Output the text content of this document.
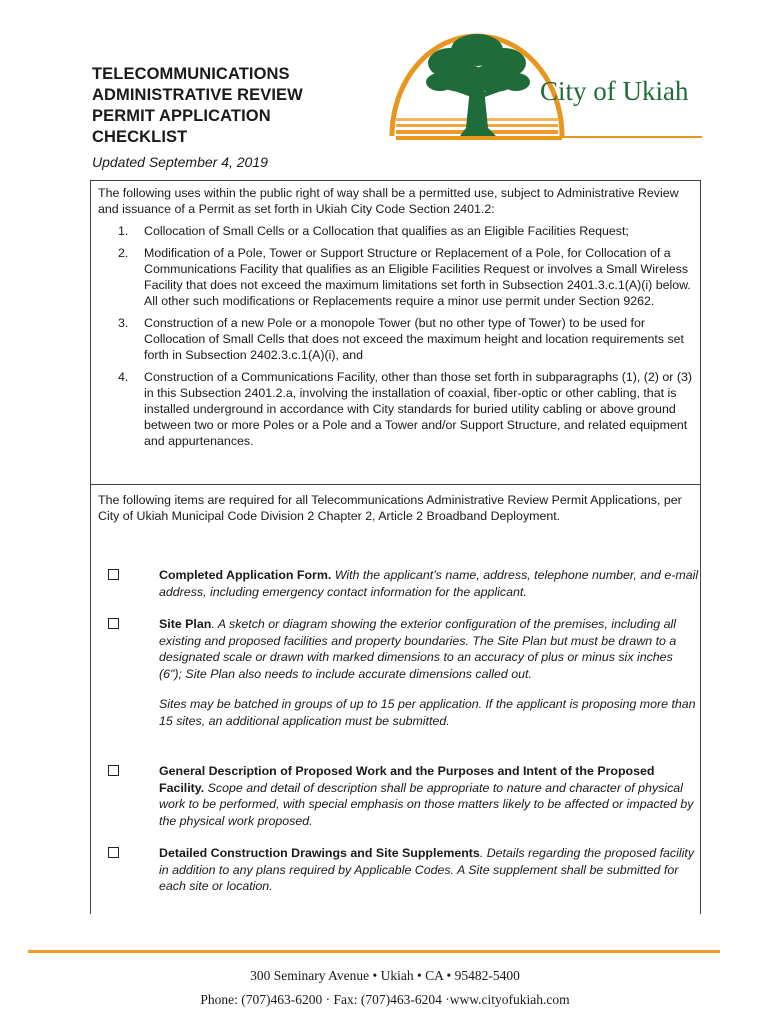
TELECOMMUNICATIONS

ADMINISTRATIVE REVIEW

PERMIT APPLICATION

CHECKLIST

Updated September 4, 2019
City of Ukiah

The following uses within the public right of way shall be a permitted use, subject to Administrative Review and issuance of a Permit as set forth in Ukiah City Code Section 2401.2:

1. Collocation of Small Cells or a Collocation that qualifies as an Eligible Facilities Request;
2. Modification of a Pole, Tower or Support Structure or Replacement of a Pole, for Collocation of a Communications Facility that qualifies as an Eligible Facilities Request or involves a Small Wireless Facility that does not exceed the maximum limitations set forth in Subsection 2401.3.c.1(A)(i) below. All other such modifications or Replacements require a minor use permit under Section 9262.
3. Construction of a new Pole or a monopole Tower (but no other type of Tower) to be used for Collocation of Small Cells that does not exceed the maximum height and location requirements set forth in Subsection 2402.3.c.1(A)(i), and
4. Construction of a Communications Facility, other than those set forth in subparagraphs (1), (2) or (3) in this Subsection 2401.2.a, involving the installation of coaxial, fiber-optic or other cabling, that is installed underground in accordance with City standards for buried utility cabling or above ground between two or more Poles or a Pole and a Tower and/or Support Structure, and related equipment and appurtenances.

The following items are required for all Telecommunications Administrative Review Permit Applications, per City of Ukiah Municipal Code Division 2 Chapter 2, Article 2 Broadband Deployment.

Completed Application Form. With the applicant’s name, address, telephone number, and e-mail address, including emergency contact information for the applicant.
Site Plan. A sketch or diagram showing the exterior configuration of the premises, including all existing and proposed facilities and property boundaries. The Site Plan but must be drawn to a designated scale or drawn with marked dimensions to an accuracy of plus or minus six inches (6"); Site Plan also needs to include accurate dimensions called out.
Sites may be batched in groups of up to 15 per application. If the applicant is proposing more than 15 sites, an additional application must be submitted.
General Description of Proposed Work and the Purposes and Intent of the Proposed Facility. Scope and detail of description shall be appropriate to nature and character of physical work to be performed, with special emphasis on those matters likely to be affected or impacted by the physical work proposed.
Detailed Construction Drawings and Site Supplements. Details regarding the proposed facility in addition to any plans required by Applicable Codes. A Site supplement shall be submitted for each site or location.
300 Seminary Avenue • Ukiah • CA • 95482-5400
Phone: (707)463-6200 · Fax: (707)463-6204 ·www.cityofukiah.com
